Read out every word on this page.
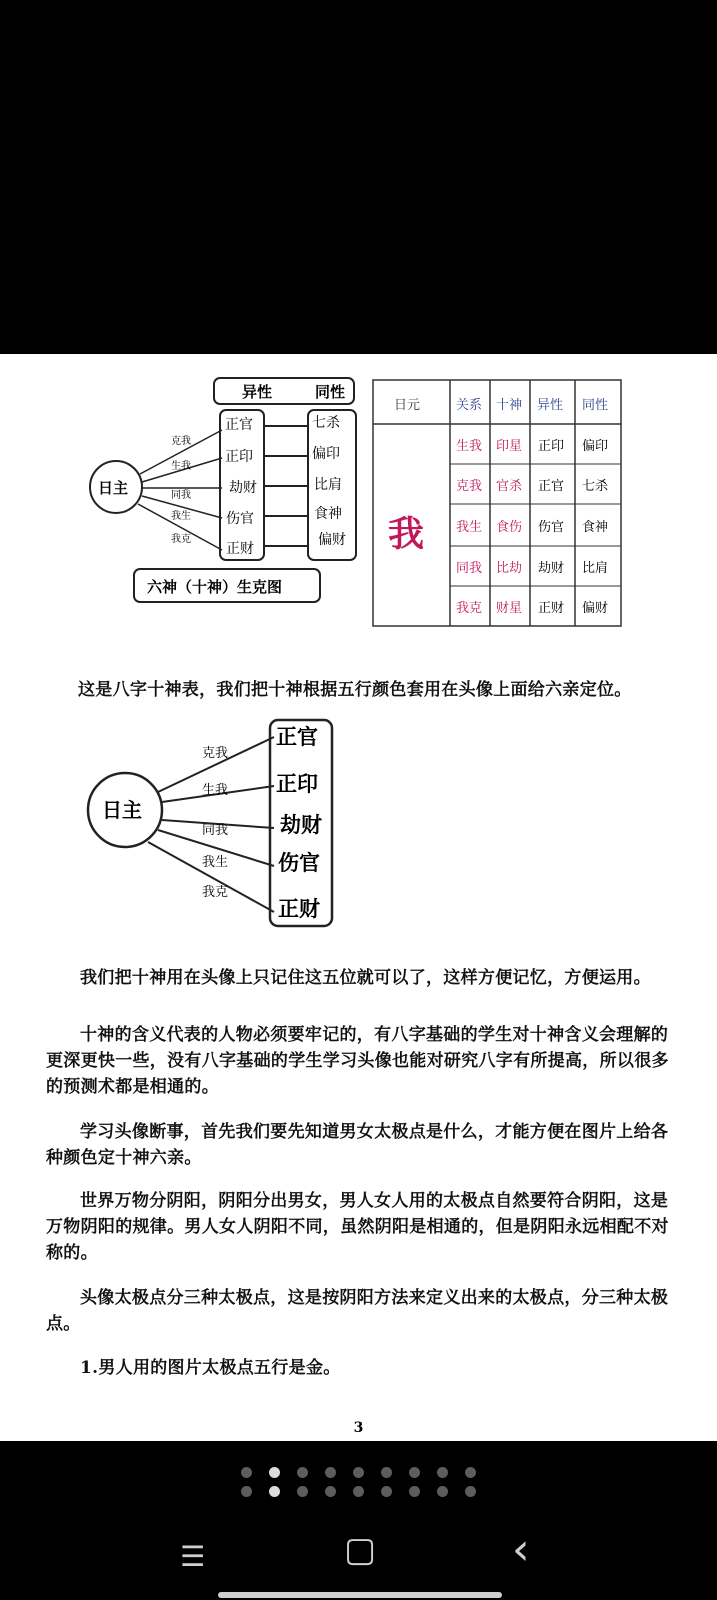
异性	同性
日主
克我
生我
同我
我生
我克
正官
正印
劫财
伤官
正财
七杀
偏印
比肩
食神
偏财
六神（十神）生克图
日元	关系 十神 异性 同性
我
生我 印星 正印 偏印
克我 官杀 正官 七杀
我生 食伤 伤官 食神
同我 比劫 劫财 比肩
我克 财星 正财 偏财

这是八字十神表，我们把十神根据五行颜色套用在头像上面给六亲定位。

日主
克我
生我
同我
我生
我克
正官
正印
劫财
伤官
正财

我们把十神用在头像上只记住这五位就可以了，这样方便记忆，方便运用。

十神的含义代表的人物必须要牢记的，有八字基础的学生对十神含义会理解的更深更快一些，没有八字基础的学生学习头像也能对研究八字有所提高，所以很多的预测术都是相通的。

学习头像断事，首先我们要先知道男女太极点是什么，才能方便在图片上给各种颜色定十神六亲。

世界万物分阴阳，阴阳分出男女，男人女人用的太极点自然要符合阴阳，这是万物阴阳的规律。男人女人阴阳不同，虽然阴阳是相通的，但是阴阳永远相配不对称的。

头像太极点分三种太极点，这是按阴阳方法来定义出来的太极点，分三种太极点。

1.男人用的图片太极点五行是金。

3
☰	▢	‹
